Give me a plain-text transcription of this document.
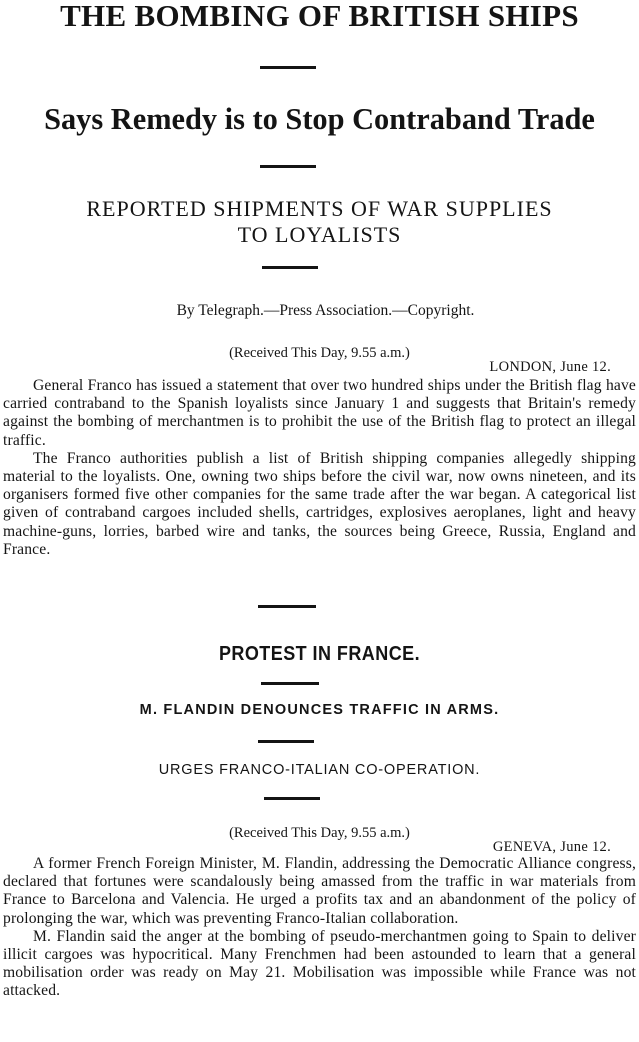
THE BOMBING OF BRITISH SHIPS
Says Remedy is to Stop Contraband Trade
REPORTED SHIPMENTS OF WAR SUPPLIES
TO LOYALISTS
By Telegraph.—Press Association.—Copyright.
(Received This Day, 9.55 a.m.)
LONDON, June 12.

General Franco has issued a statement that over two hundred ships under the British flag have carried contraband to the Spanish loyalists since January 1 and suggests that Britain's remedy against the bombing of merchantmen is to prohibit the use of the British flag to protect an illegal traffic.

The Franco authorities publish a list of British shipping companies allegedly shipping material to the loyalists. One, owning two ships before the civil war, now owns nineteen, and its organisers formed five other companies for the same trade after the war began. A categorical list given of contraband cargoes included shells, cartridges, explosives aeroplanes, light and heavy machine-guns, lorries, barbed wire and tanks, the sources being Greece, Russia, England and France.

PROTEST IN FRANCE.
M. FLANDIN DENOUNCES TRAFFIC IN ARMS.
URGES FRANCO-ITALIAN CO-OPERATION.
(Received This Day, 9.55 a.m.)
GENEVA, June 12.

A former French Foreign Minister, M. Flandin, addressing the Democratic Alliance congress, declared that fortunes were scandalously being amassed from the traffic in war materials from France to Barcelona and Valencia. He urged a profits tax and an abandonment of the policy of prolonging the war, which was preventing Franco-Italian collaboration.

M. Flandin said the anger at the bombing of pseudo-merchantmen going to Spain to deliver illicit cargoes was hypocritical. Many Frenchmen had been astounded to learn that a general mobilisation order was ready on May 21. Mobilisation was impossible while France was not attacked.
